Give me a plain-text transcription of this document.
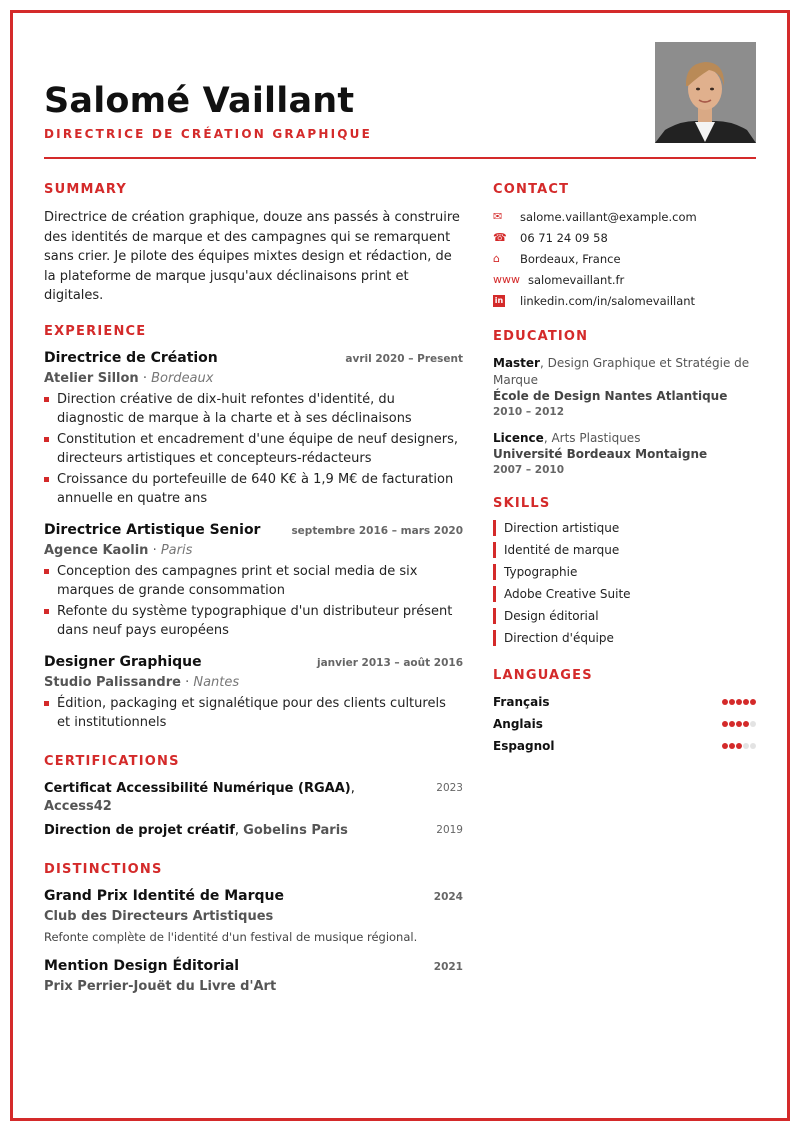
Salomé Vaillant
DIRECTRICE DE CRÉATION GRAPHIQUE
SUMMARY
Directrice de création graphique, douze ans passés à construire des identités de marque et des campagnes qui se remarquent sans crier. Je pilote des équipes mixtes design et rédaction, de la plateforme de marque jusqu'aux déclinaisons print et digitales.
EXPERIENCE
Directrice de Création	avril 2020 – Present
Atelier Sillon · Bordeaux
Direction créative de dix-huit refontes d'identité, du diagnostic de marque à la charte et à ses déclinaisons
Constitution et encadrement d'une équipe de neuf designers, directeurs artistiques et concepteurs-rédacteurs
Croissance du portefeuille de 640 K€ à 1,9 M€ de facturation annuelle en quatre ans
Directrice Artistique Senior	septembre 2016 – mars 2020
Agence Kaolin · Paris
Conception des campagnes print et social media de six marques de grande consommation
Refonte du système typographique d'un distributeur présent dans neuf pays européens
Designer Graphique	janvier 2013 – août 2016
Studio Palissandre · Nantes
Édition, packaging et signalétique pour des clients culturels et institutionnels
CERTIFICATIONS
Certificat Accessibilité Numérique (RGAA), Access42
2023
Direction de projet créatif, Gobelins Paris	2019
DISTINCTIONS
Grand Prix Identité de Marque	2024
Club des Directeurs Artistiques
Refonte complète de l'identité d'un festival de musique régional.
Mention Design Éditorial	2021
Prix Perrier-Jouët du Livre d'Art
CONTACT
✉	salome.vaillant@example.com
☎	06 71 24 09 58
⌂	Bordeaux, France
www salomevaillant.fr
in linkedin.com/in/salomevaillant
EDUCATION
Master, Design Graphique et Stratégie de Marque
École de Design Nantes Atlantique
2010 – 2012
Licence, Arts Plastiques
Université Bordeaux Montaigne
2007 – 2010
SKILLS
Direction artistique
Identité de marque
Typographie
Adobe Creative Suite
Design éditorial
Direction d'équipe
LANGUAGES
Français
Anglais
Espagnol
